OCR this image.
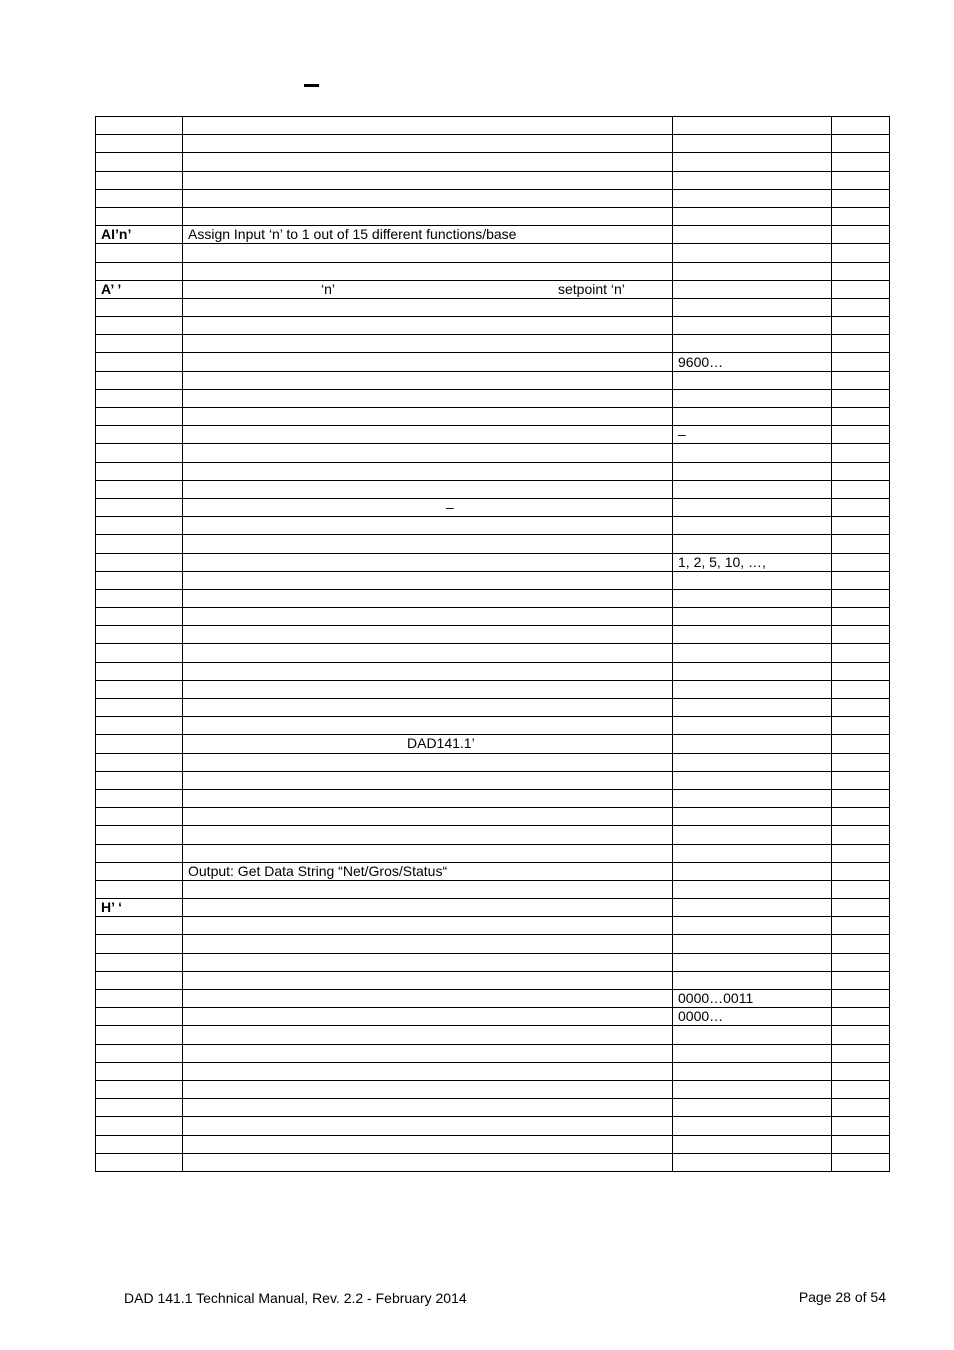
AI’n’	Assign Input ‘n’ to 1 out of 15 different functions/base		

A’ ’	‘n’ setpoint ‘n’		

		9600…	

		–	

	–		

		1, 2, 5, 10, …,	

	DAD141.1’		

	Output: Get Data String “Net/Gros/Status“		

H’ ‘			

		0000…0011	
		0000…	

DAD 141.1 Technical Manual, Rev. 2.2 - February 2014	Page 28 of 54
